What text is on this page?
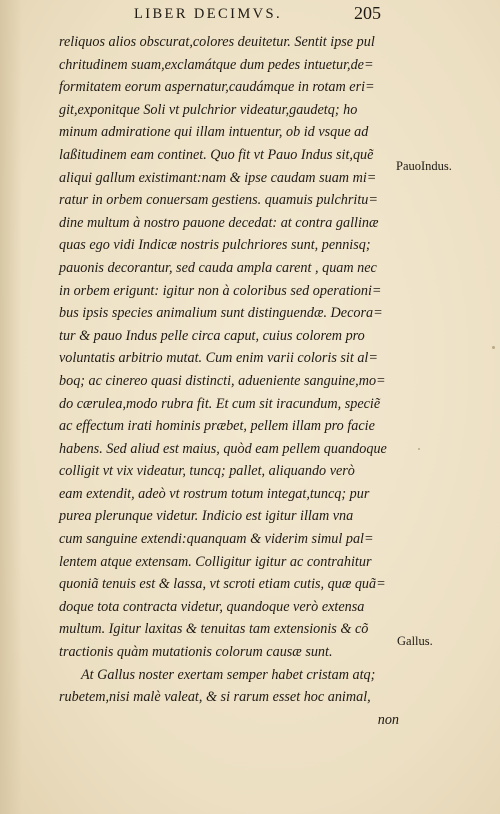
LIBER DECIMVS.	205
reliquos alios obscurat,colores deuitetur. Sentit ipse pul
chritudinem suam,exclamátque dum pedes intuetur,de=
formitatem eorum aspernatur,caudámque in rotam eri=
git,exponitque Soli vt pulchrior videatur,gaudetq; ho
minum admiratione qui illam intuentur, ob id vsque ad
laßitudinem eam continet. Quo fit vt Pauo Indus sit,quẽ
aliqui gallum existimant:nam & ipse caudam suam mi=
ratur in orbem conuersam gestiens. quamuis pulchritu=
dine multum à nostro pauone decedat: at contra gallinæ
quas ego vidi Indicæ nostris pulchriores sunt, pennisq;
pauonis decorantur, sed cauda ampla carent , quam nec
in orbem erigunt: igitur non à coloribus sed operationi=
bus ipsis species animalium sunt distinguendæ. Decora=
tur & pauo Indus pelle circa caput, cuius colorem pro
voluntatis arbitrio mutat. Cum enim varii coloris sit al=
boq; ac cinereo quasi distincti, adueniente sanguine,mo=
do cærulea,modo rubra fit. Et cum sit iracundum, speciẽ
ac effectum irati hominis præbet, pellem illam pro facie
habens. Sed aliud est maius, quòd eam pellem quandoque
colligit vt vix videatur, tuncq; pallet, aliquando verò
eam extendit, adeò vt rostrum totum integat,tuncq; pur
purea plerunque videtur. Indicio est igitur illam vna
cum sanguine extendi:quanquam & viderim simul pal=
lentem atque extensam. Colligitur igitur ac contrahitur
quoniã tenuis est & lassa, vt scroti etiam cutis, quæ quã=
doque tota contracta videtur, quandoque verò extensa
multum. Igitur laxitas & tenuitas tam extensionis & cõ
tractionis quàm mutationis colorum causæ sunt.
At Gallus noster exertam semper habet cristam atq;
rubetem,nisi malè valeat, & si rarum esset hoc animal,
non
PauoIndus.
Gallus.
